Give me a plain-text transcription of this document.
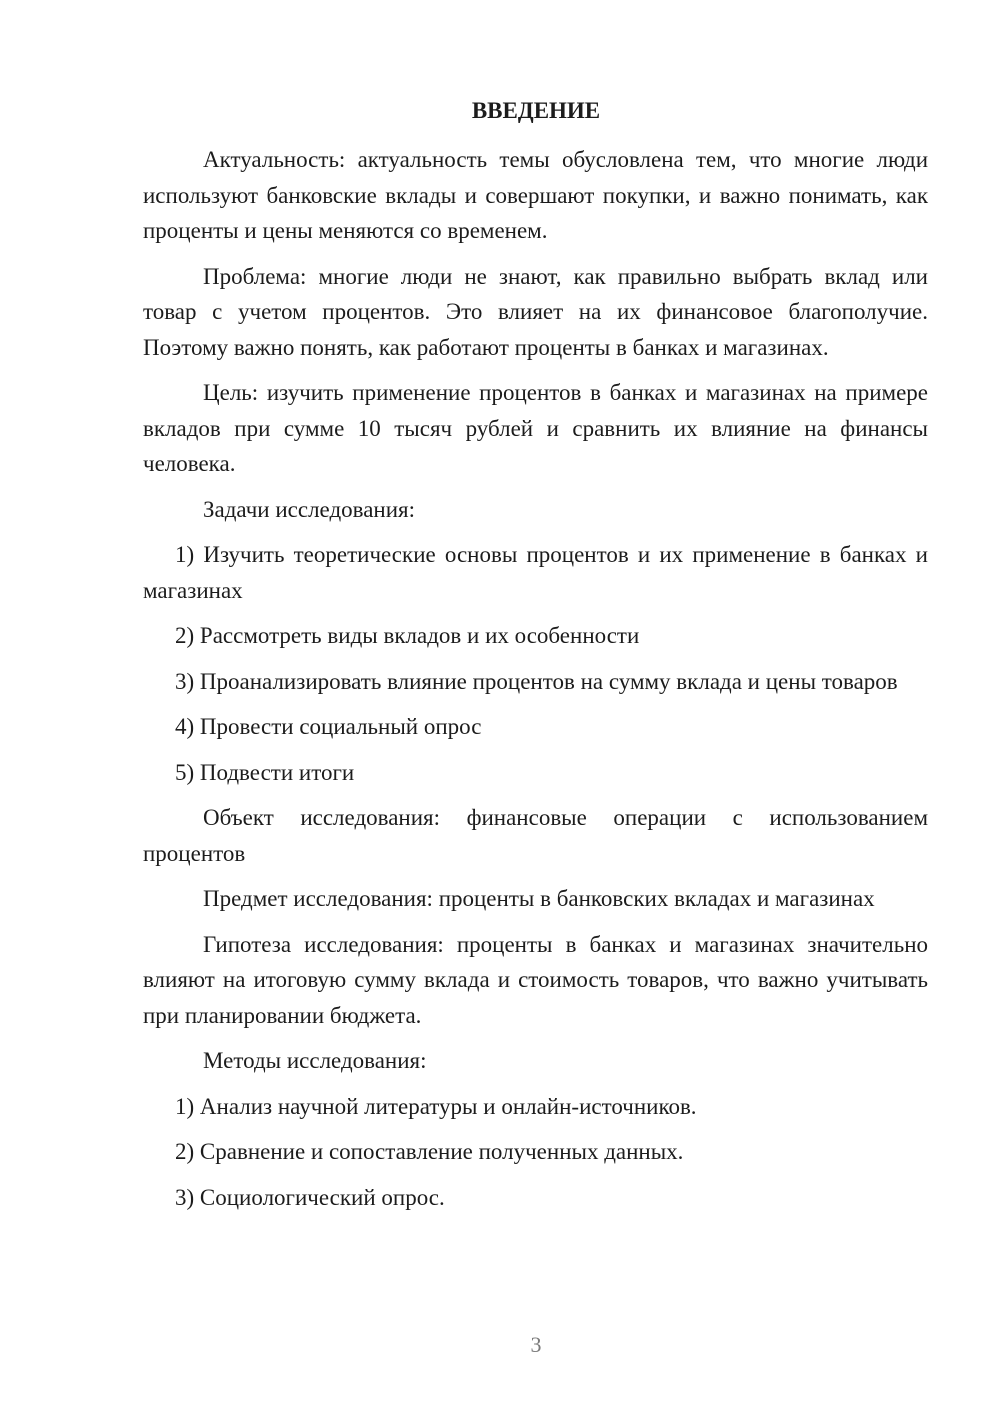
ВВЕДЕНИЕ

Актуальность: актуальность темы обусловлена тем, что многие люди используют банковские вклады и совершают покупки, и важно понимать, как проценты и цены меняются со временем.

Проблема: многие люди не знают, как правильно выбрать вклад или товар с учетом процентов. Это влияет на их финансовое благополучие. Поэтому важно понять, как работают проценты в банках и магазинах.

Цель: изучить применение процентов в банках и магазинах на примере вкладов при сумме 10 тысяч рублей и сравнить их влияние на финансы человека.

Задачи исследования:

1) Изучить теоретические основы процентов и их применение в банках и магазинах

2) Рассмотреть виды вкладов и их особенности

3) Проанализировать влияние процентов на сумму вклада и цены товаров

4) Провести социальный опрос

5) Подвести итоги

Объект исследования: финансовые операции с использованием процентов

Предмет исследования: проценты в банковских вкладах и магазинах

Гипотеза исследования: проценты в банках и магазинах значительно влияют на итоговую сумму вклада и стоимость товаров, что важно учитывать при планировании бюджета.

Методы исследования:

1) Анализ научной литературы и онлайн-источников.

2) Сравнение и сопоставление полученных данных.

3) Социологический опрос.

3
